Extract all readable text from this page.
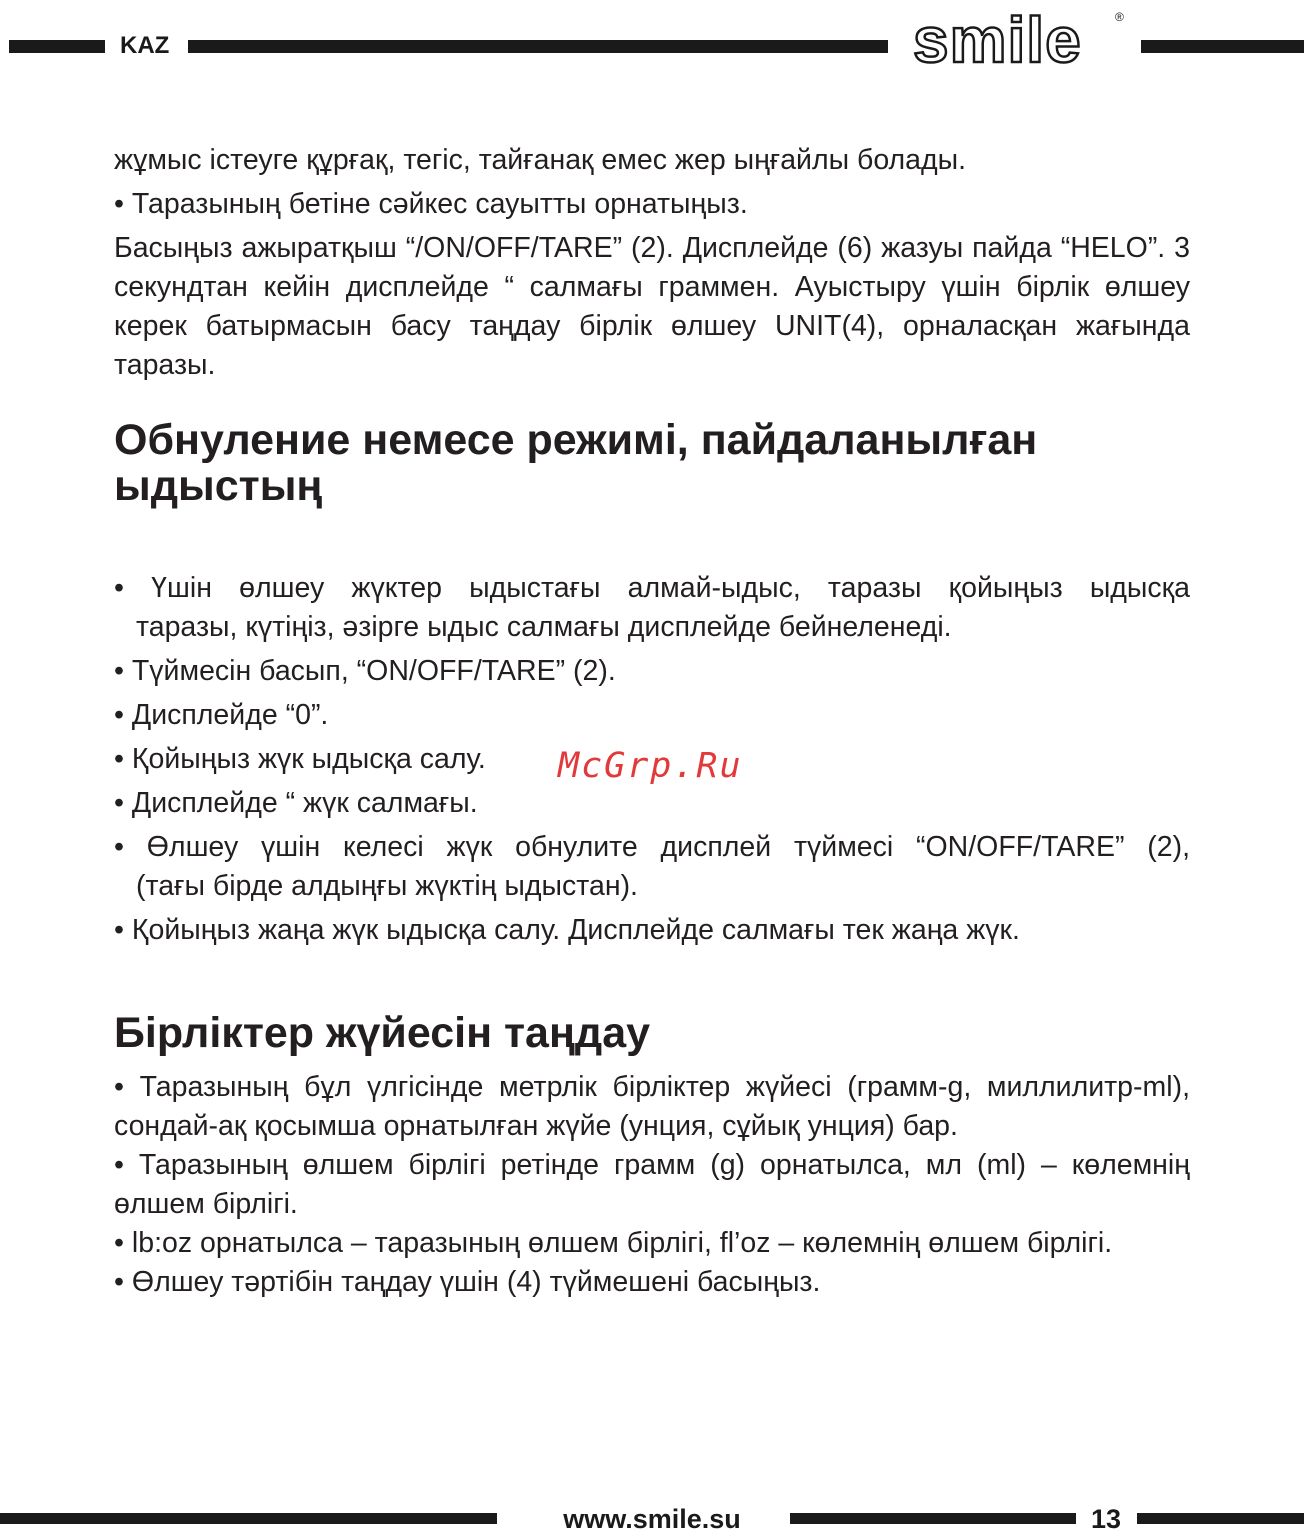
KAZ	smile	®
жұмыс істеуге құрғақ, тегіс, тайғанақ емес жер ыңғайлы болады.
• Таразының бетіне сәйкес сауытты орнатыңыз.

Басыңыз ажыратқыш “/ON/OFF/TARE” (2). Дисплейде (6) жазуы пайда “HELO”. 3 секундтан кейін дисплейде “ салмағы граммен. Ауыстыру үшін бірлік өлшеу керек батырмасын басу таңдау бірлік өлшеу UNIT(4), орналасқан жағында таразы.

Обнуление немесе режимі, пайдаланылған
ыдыстың
• Үшін өлшеу жүктер ыдыстағы алмай-ыдыс, таразы қойыңыз ыдысқа
таразы, күтіңіз, әзірге ыдыс салмағы дисплейде бейнеленеді.
• Түймесін басып, “ON/OFF/TARE” (2).
• Дисплейде “0”.
• Қойыңыз жүк ыдысқа салу.
• Дисплейде “ жүк салмағы.
• Өлшеу үшін келесі жүк обнулите дисплей түймесі “ON/OFF/TARE” (2),
(тағы бірде алдыңғы жүктің ыдыстан).
• Қойыңыз жаңа жүк ыдысқа салу. Дисплейде салмағы тек жаңа жүк.
Бірліктер жүйесін таңдау

• Таразының бұл үлгісінде метрлік бірліктер жүйесі (грамм-g, миллилитр-ml), сондай-ақ қосымша орнатылған жүйе (унция, сұйық унция) бар.

• Таразының өлшем бірлігі ретінде грамм (g) орнатылса, мл (ml) – көлемнің өлшем бірлігі.

• lb:oz орнатылса – таразының өлшем бірлігі, fl’oz – көлемнің өлшем бірлігі.

• Өлшеу тәртібін таңдау үшін (4) түймешені басыңыз.

McGrp.Ru
www.smile.su	13
